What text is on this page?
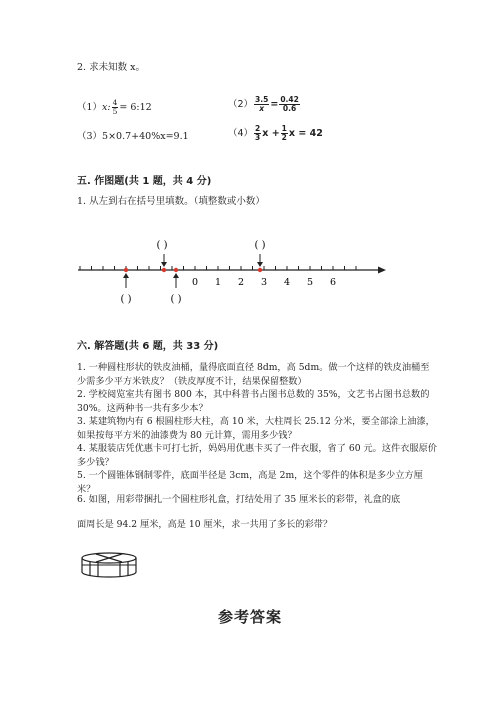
2. 求未知数 x。
（1）x: $\frac{4}{5}$ = 6:12	$(2) \frac{3.5}{x} = \frac{0.42}{0.6}$
（3）5×0.7+40%x=9.1	$(4) \frac{2}{3}$ $x + \frac{1}{2}$ x = 42
五. 作图题(共 1 题，共 4 分)
1. 从左到右在括号里填数。（填整数或小数）
0 1 2 3 4 5 6
( )	( )
( )	( )
六. 解答题(共 6 题，共 33 分)
1. 一种圆柱形状的铁皮油桶，量得底面直径 8dm，高 5dm。做一个这样的铁皮油桶至少需多少平方米铁皮？（铁皮厚度不计，结果保留整数）
2. 学校阅览室共有图书 800 本，其中科普书占图书总数的 35%，文艺书占图书总数的 30%。这两种书一共有多少本？
3. 某建筑物内有 6 根圆柱形大柱，高 10 米，大柱周长 25.12 分米，要全部涂上油漆，如果按每平方米的油漆费为 80 元计算，需用多少钱？
4. 某服装店凭优惠卡可打七折，妈妈用优惠卡买了一件衣服，省了 60 元。这件衣服原价多少钱？
5. 一个圆锥体钢制零件，底面半径是 3cm，高是 2m，这个零件的体积是多少立方厘米？
6. 如图，用彩带捆扎一个圆柱形礼盒，打结处用了 35 厘米长的彩带，礼盒的底
面周长是 94.2 厘米，高是 10 厘米，求一共用了多长的彩带？
参考答案
